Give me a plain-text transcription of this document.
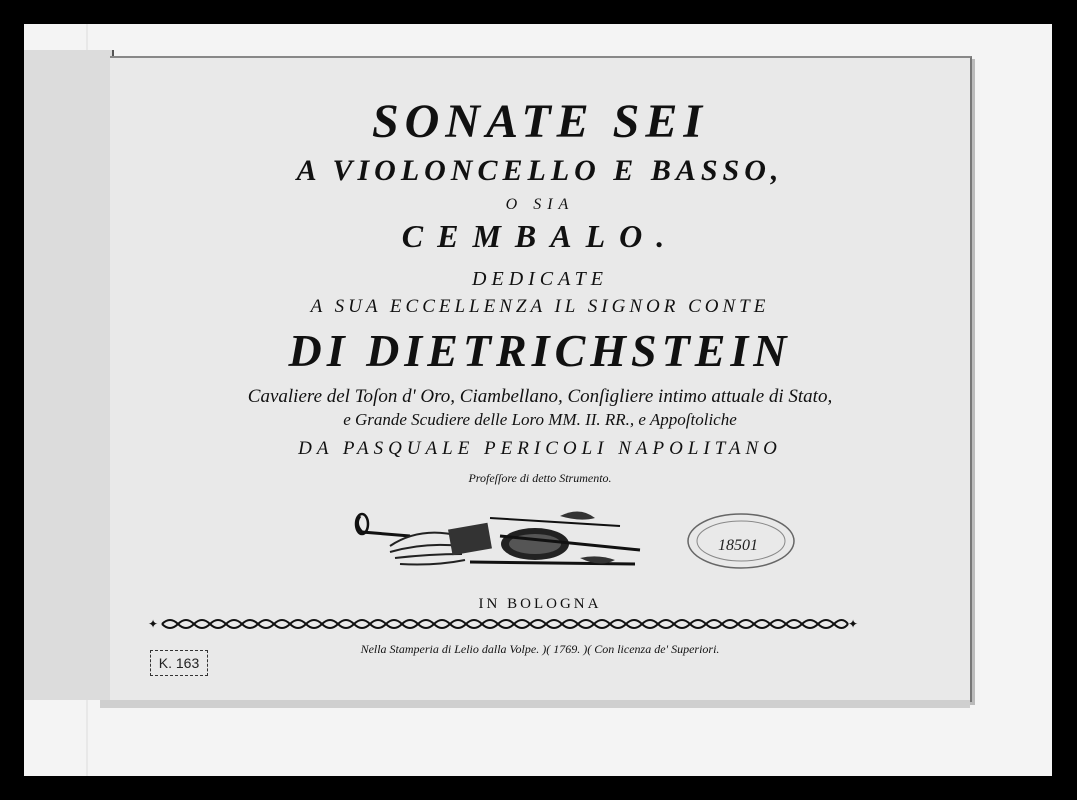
SONATE SEI
A VIOLONCELLO E BASSO,
O SIA
CEMBALO.
DEDICATE
A SUA ECCELLENZA IL SIGNOR CONTE
DI DIETRICHSTEIN
Cavaliere del Toſon d' Oro, Ciambellano, Conſigliere intimo attuale di Stato,
e Grande Scudiere delle Loro MM. II. RR., e Appoſtoliche
DA PASQUALE PERICOLI NAPOLITANO
Profeſſore di detto Strumento.
IN BOLOGNA
Nella Stamperia di Lelio dalla Volpe. )( 1769. )( Con licenza de' Superiori.
✦	✦
18501
K. 163
